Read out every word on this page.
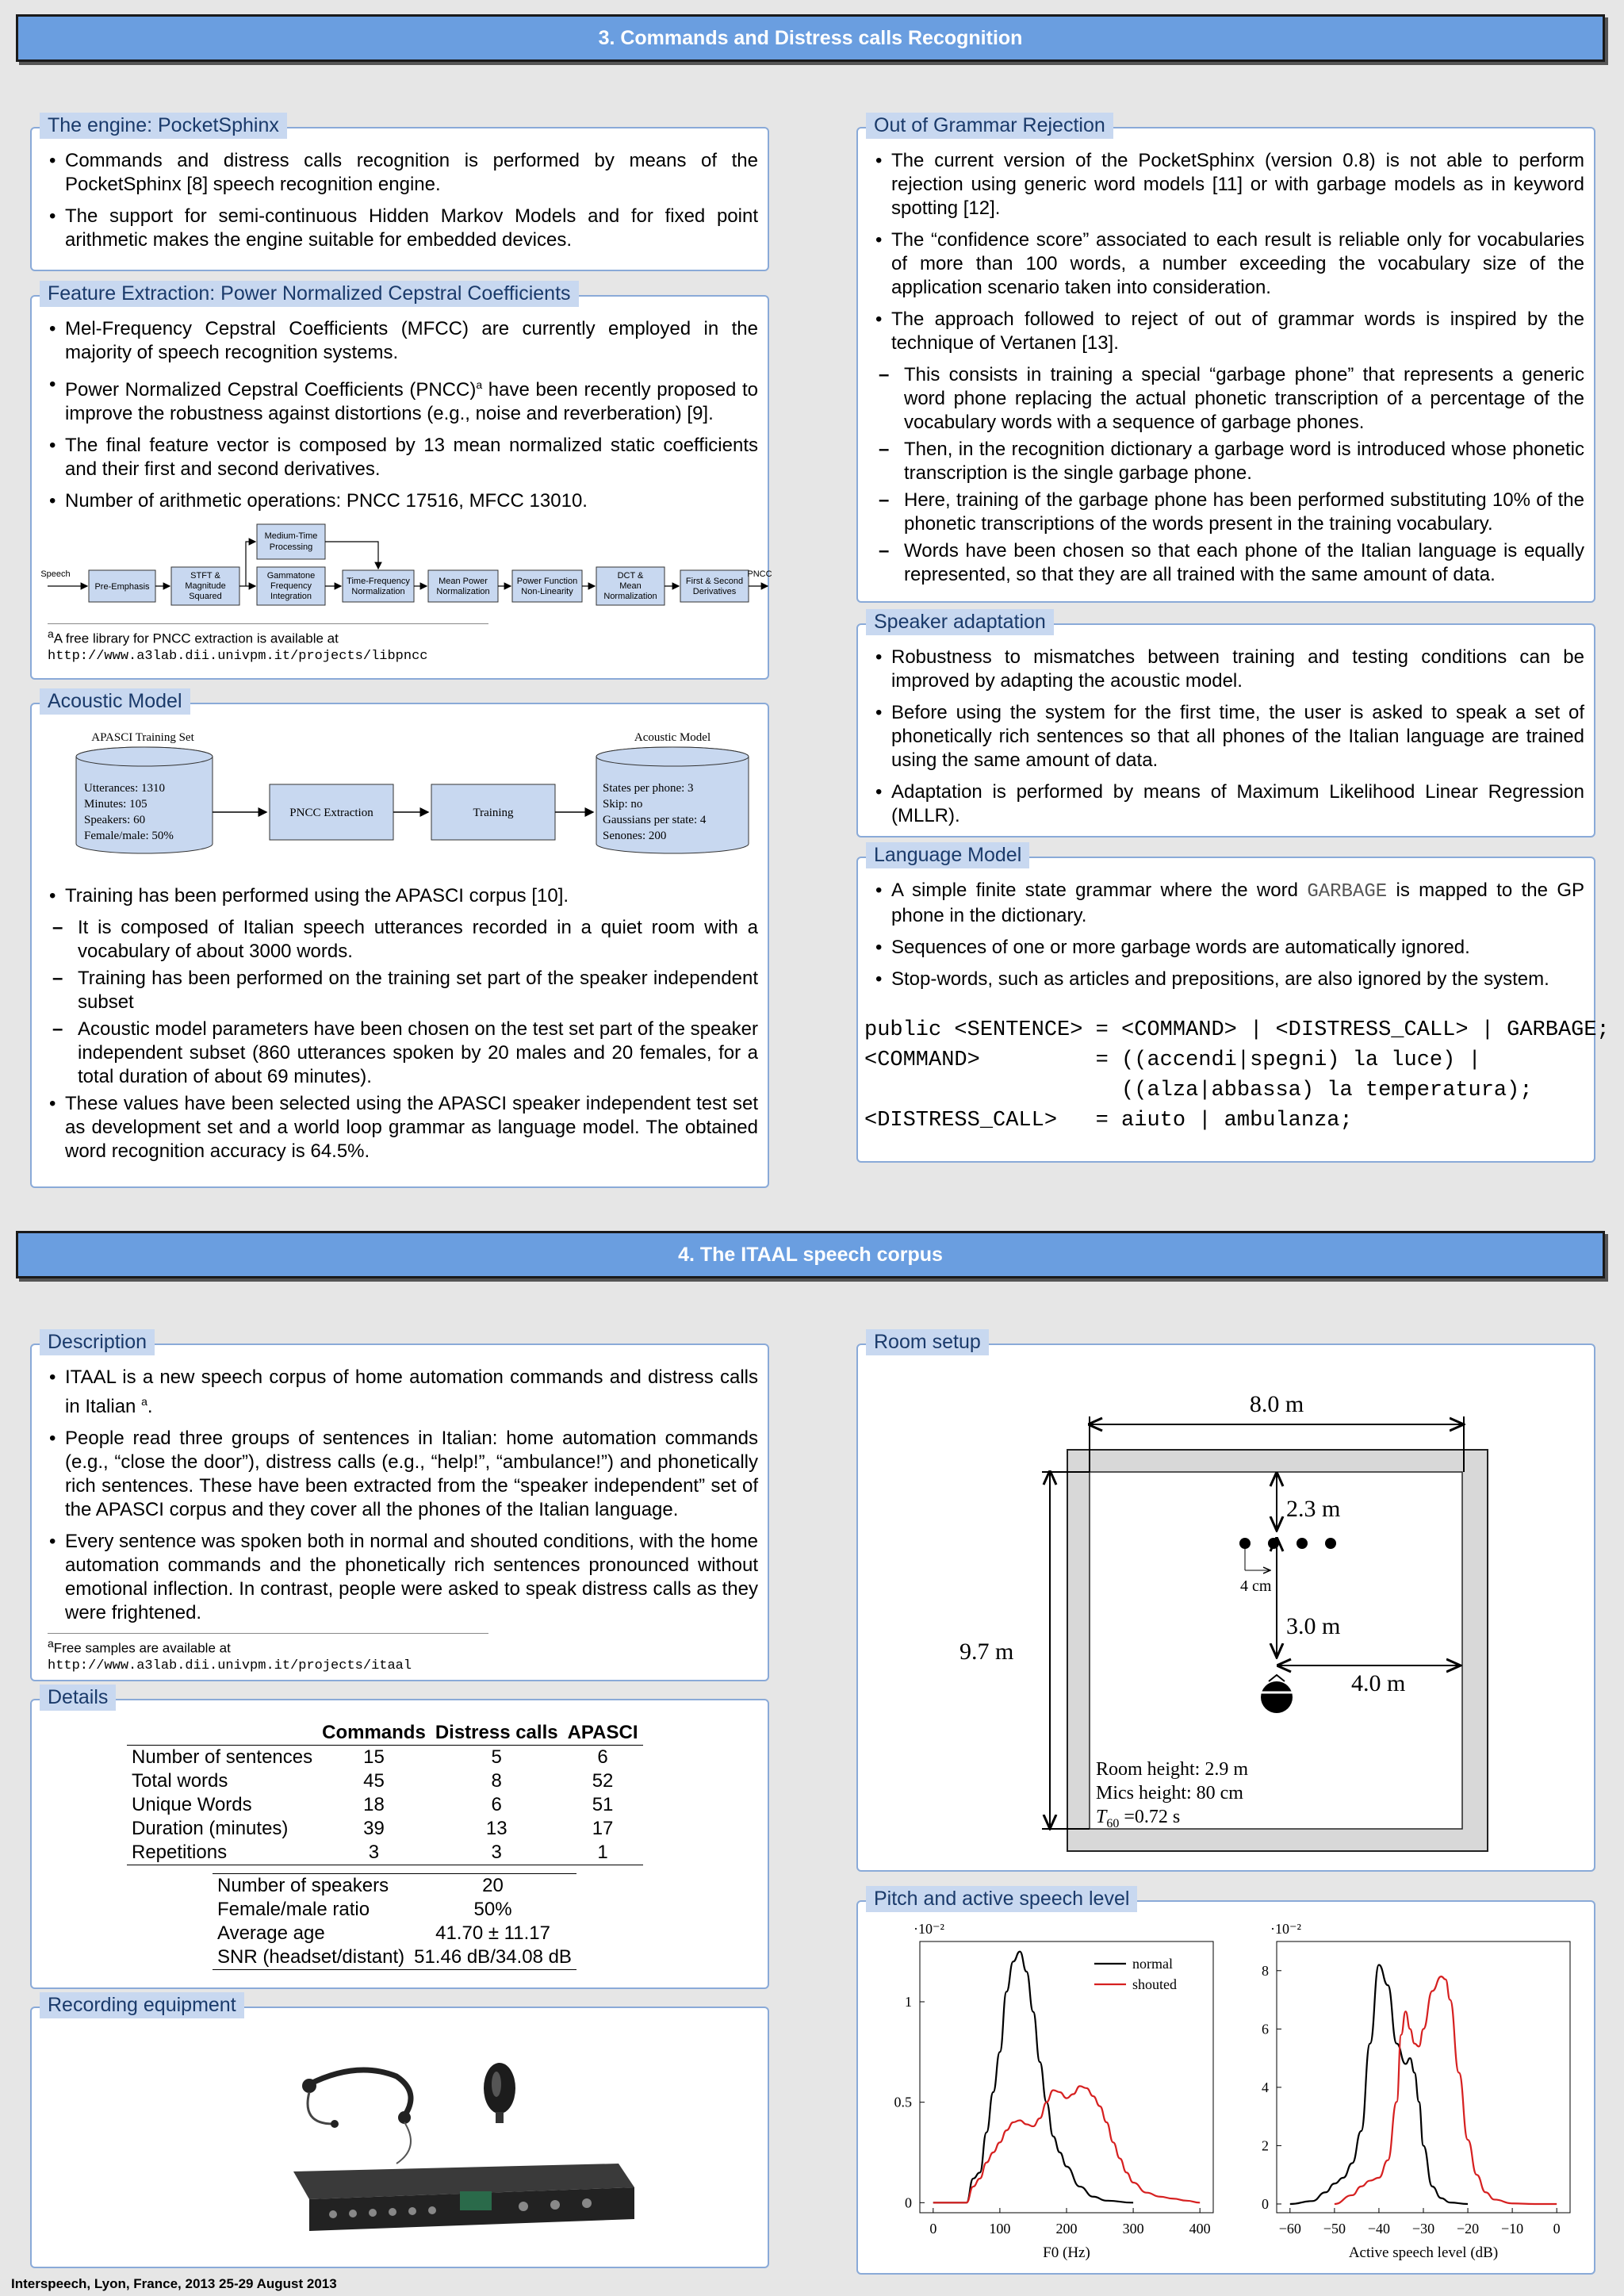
3. Commands and Distress calls Recognition
The engine: PocketSphinx
• Commands and distress calls recognition is performed by means of the PocketSphinx [8] speech recognition engine.
• The support for semi-continuous Hidden Markov Models and for fixed point arithmetic makes the engine suitable for embedded devices.
Feature Extraction: Power Normalized Cepstral Coefficients
• Mel-Frequency Cepstral Coefficients (MFCC) are currently employed in the majority of speech recognition systems.
• Power Normalized Cepstral Coefficients (PNCC)$^a$ have been recently proposed to improve the robustness against distortions (e.g., noise and reverberation) [9].
• The final feature vector is composed by 13 mean normalized static coefficients and their first and second derivatives.
• Number of arithmetic operations: PNCC 17516, MFCC 13010.
Speech
Pre-Emphasis
STFT &
Magnitude
Squared
Gammatone
Frequency
Integration
Medium-Time
Processing
Time-Frequency
Normalization
Mean Power
Normalization
Power Function
Non-Linearity
DCT &
Mean
Normalization
First & Second
Derivatives
PNCC
$^a$A free library for PNCC extraction is available at http://www.a3lab.dii.univpm.it/projects/libpncc
Acoustic Model
APASCI Training Set
Utterances: 1310
Minutes: 105
Speakers: 60
Female/male: 50%
PNCC Extraction	Training
Acoustic Model
States per phone: 3
Skip: no
Gaussians per state: 4
Senones: 200
• Training has been performed using the APASCI corpus [10].
– It is composed of Italian speech utterances recorded in a quiet room with a vocabulary of about 3000 words.
– Training has been performed on the training set part of the speaker independent subset
– Acoustic model parameters have been chosen on the test set part of the speaker independent subset (860 utterances spoken by 20 males and 20 females, for a total duration of about 69 minutes).
• These values have been selected using the APASCI speaker independent test set as development set and a world loop grammar as language model. The obtained word recognition accuracy is 64.5%.
Out of Grammar Rejection
• The current version of the PocketSphinx (version 0.8) is not able to perform rejection using generic word models [11] or with garbage models as in keyword spotting [12].
• The “confidence score” associated to each result is reliable only for vocabularies of more than 100 words, a number exceeding the vocabulary size of the application scenario taken into consideration.
• The approach followed to reject of out of grammar words is inspired by the technique of Vertanen [13].
– This consists in training a special “garbage phone” that represents a generic word phone replacing the actual phonetic transcription of a percentage of the vocabulary words with a sequence of garbage phones.
– Then, in the recognition dictionary a garbage word is introduced whose phonetic transcription is the single garbage phone.
– Here, training of the garbage phone has been performed substituting 10% of the phonetic transcriptions of the words present in the training vocabulary.
– Words have been chosen so that each phone of the Italian language is equally represented, so that they are all trained with the same amount of data.
Speaker adaptation
• Robustness to mismatches between training and testing conditions can be improved by adapting the acoustic model.
• Before using the system for the first time, the user is asked to speak a set of phonetically rich sentences so that all phones of the Italian language are trained using the same amount of data.
• Adaptation is performed by means of Maximum Likelihood Linear Regression (MLLR).
Language Model
• A simple finite state grammar where the word GARBAGE is mapped to the GP phone in the dictionary.
• Sequences of one or more garbage words are automatically ignored.
• Stop-words, such as articles and prepositions, are also ignored by the system.
public <SENTENCE> = <COMMAND> | <DISTRESS_CALL> | GARBAGE;
<COMMAND>         = ((accendi|spegni) la luce) |
((alza|abbassa) la temperatura);
<DISTRESS_CALL>   = aiuto | ambulanza;
4. The ITAAL speech corpus
Description
• ITAAL is a new speech corpus of home automation commands and distress calls in Italian $^a$.
• People read three groups of sentences in Italian: home automation commands (e.g., “close the door”), distress calls (e.g., “help!”, “ambulance!”) and phonetically rich sentences. These have been extracted from the “speaker independent” set of the APASCI corpus and they cover all the phones of the Italian language.
• Every sentence was spoken both in normal and shouted conditions, with the home automation commands and the phonetically rich sentences pronounced without emotional inflection. In contrast, people were asked to speak distress calls as they were frightened.
$^a$Free samples are available at http://www.a3lab.dii.univpm.it/projects/itaal
Details
	Commands	Distress calls	APASCI
Number of sentences	15	5	6
Total words	45	8	52
Unique Words	18	6	51
Duration (minutes)	39	13	17
Repetitions	3	3	1
Number of speakers	20
Female/male ratio	50%
Average age	41.70 ± 11.17
SNR (headset/distant)	51.46 dB/34.08 dB
Recording equipment
Room setup
8.0 m
9.7 m
2.3 m
3.0 m
4.0 m
4 cm
Room height: 2.9 m
Mics height: 80 cm
$T_{60} =0.72$ s
Pitch and active speech level
·10⁻²
0	100	200	300	400
0
0.5
1
F0 (Hz)
normal
shouted
·10⁻²
−60 −50 −40 −30 −20 −10 0
0
2
4
6
8
Active speech level (dB)
Interspeech, Lyon, France, 2013 25-29 August 2013
